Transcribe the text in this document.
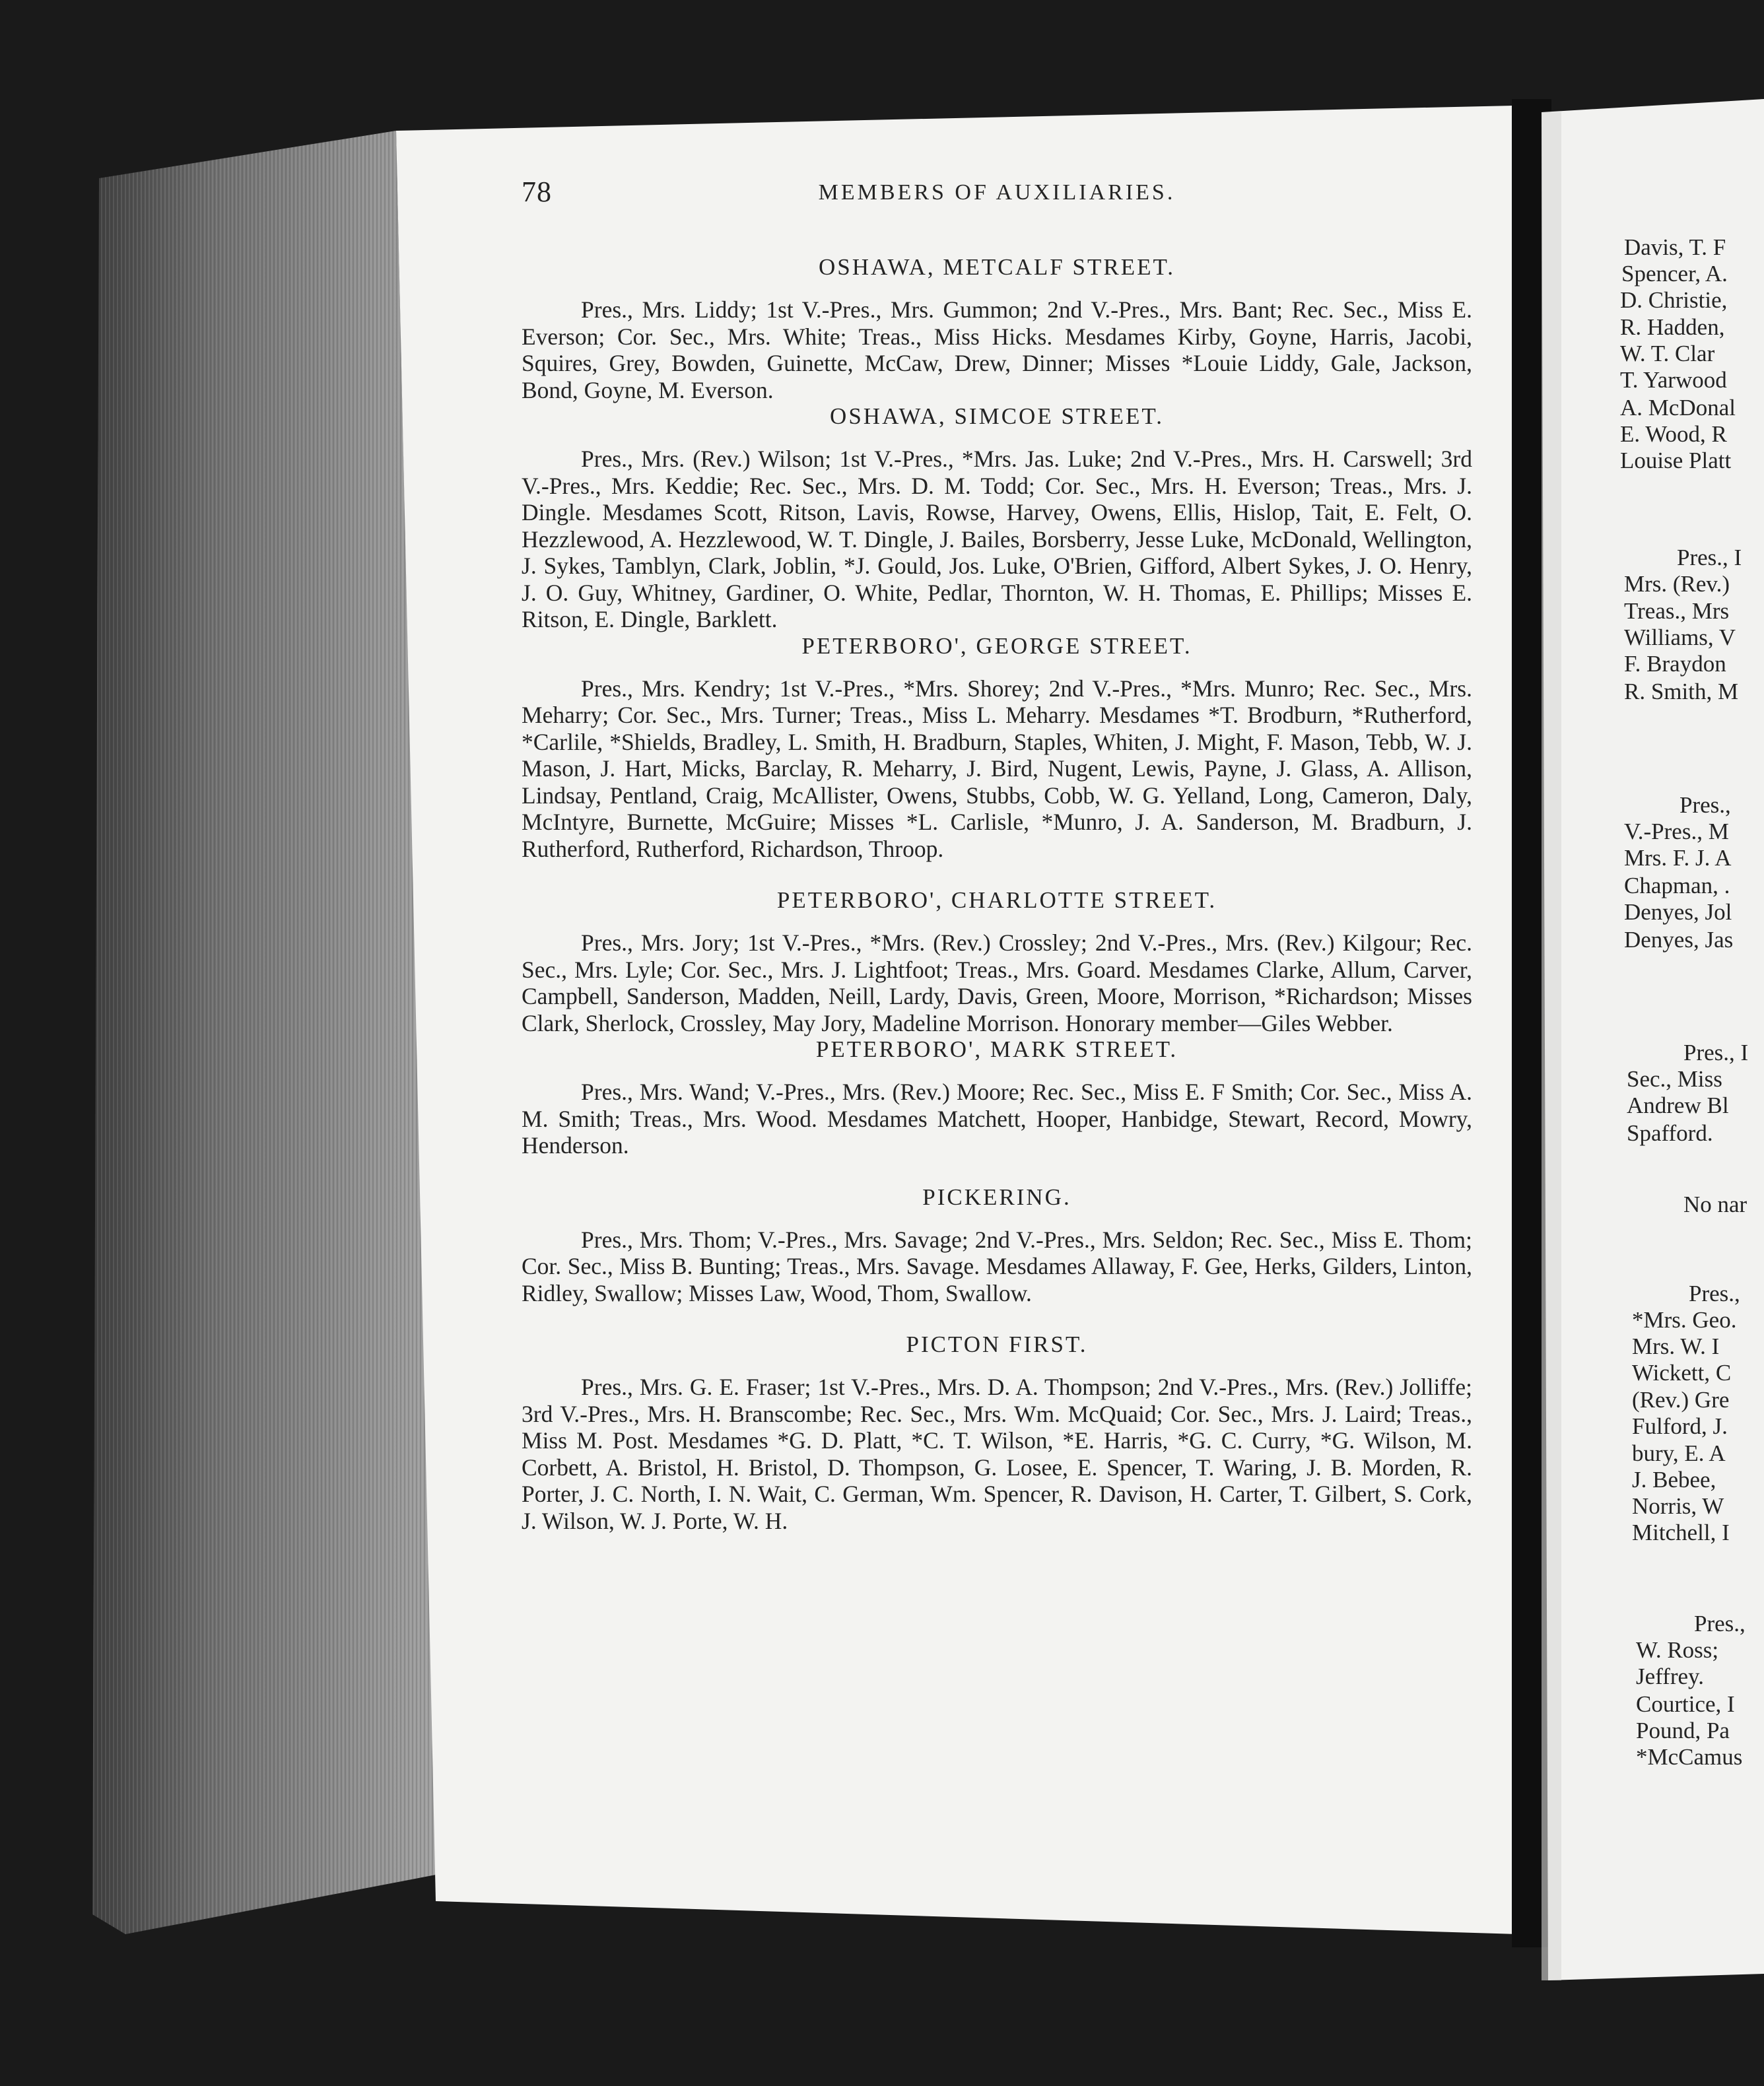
78	MEMBERS OF AUXILIARIES.
OSHAWA, METCALF STREET.

Pres., Mrs. Liddy; 1st V.-Pres., Mrs. Gummon; 2nd V.-Pres., Mrs. Bant; Rec. Sec., Miss E. Everson; Cor. Sec., Mrs. White; Treas., Miss Hicks. Mesdames Kirby, Goyne, Harris, Jacobi, Squires, Grey, Bowden, Guinette, McCaw, Drew, Dinner; Misses *Louie Liddy, Gale, Jackson, Bond, Goyne, M. Everson.

OSHAWA, SIMCOE STREET.

Pres., Mrs. (Rev.) Wilson; 1st V.-Pres., *Mrs. Jas. Luke; 2nd V.-Pres., Mrs. H. Carswell; 3rd V.-Pres., Mrs. Keddie; Rec. Sec., Mrs. D. M. Todd; Cor. Sec., Mrs. H. Everson; Treas., Mrs. J. Dingle. Mesdames Scott, Ritson, Lavis, Rowse, Harvey, Owens, Ellis, Hislop, Tait, E. Felt, O. Hezzlewood, A. Hezzlewood, W. T. Dingle, J. Bailes, Borsberry, Jesse Luke, McDonald, Wellington, J. Sykes, Tamblyn, Clark, Joblin, *J. Gould, Jos. Luke, O'Brien, Gifford, Albert Sykes, J. O. Henry, J. O. Guy, Whitney, Gardiner, O. White, Pedlar, Thornton, W. H. Thomas, E. Phillips; Misses E. Ritson, E. Dingle, Barklett.

PETERBORO', GEORGE STREET.

Pres., Mrs. Kendry; 1st V.-Pres., *Mrs. Shorey; 2nd V.-Pres., *Mrs. Munro; Rec. Sec., Mrs. Meharry; Cor. Sec., Mrs. Turner; Treas., Miss L. Meharry. Mesdames *T. Brodburn, *Rutherford, *Carlile, *Shields, Bradley, L. Smith, H. Bradburn, Staples, Whiten, J. Might, F. Mason, Tebb, W. J. Mason, J. Hart, Micks, Barclay, R. Meharry, J. Bird, Nugent, Lewis, Payne, J. Glass, A. Allison, Lindsay, Pentland, Craig, McAllister, Owens, Stubbs, Cobb, W. G. Yelland, Long, Cameron, Daly, McIntyre, Burnette, McGuire; Misses *L. Carlisle, *Munro, J. A. Sanderson, M. Bradburn, J. Rutherford, Rutherford, Richardson, Throop.

PETERBORO', CHARLOTTE STREET.

Pres., Mrs. Jory; 1st V.-Pres., *Mrs. (Rev.) Crossley; 2nd V.-Pres., Mrs. (Rev.) Kilgour; Rec. Sec., Mrs. Lyle; Cor. Sec., Mrs. J. Lightfoot; Treas., Mrs. Goard. Mesdames Clarke, Allum, Carver, Campbell, Sanderson, Madden, Neill, Lardy, Davis, Green, Moore, Morrison, *Richardson; Misses Clark, Sherlock, Crossley, May Jory, Madeline Morrison. Honorary member—Giles Webber.

PETERBORO', MARK STREET.

Pres., Mrs. Wand; V.-Pres., Mrs. (Rev.) Moore; Rec. Sec., Miss E. F Smith; Cor. Sec., Miss A. M. Smith; Treas., Mrs. Wood. Mesdames Matchett, Hooper, Hanbidge, Stewart, Record, Mowry, Henderson.

PICKERING.

Pres., Mrs. Thom; V.-Pres., Mrs. Savage; 2nd V.-Pres., Mrs. Seldon; Rec. Sec., Miss E. Thom; Cor. Sec., Miss B. Bunting; Treas., Mrs. Savage. Mesdames Allaway, F. Gee, Herks, Gilders, Linton, Ridley, Swallow; Misses Law, Wood, Thom, Swallow.

PICTON FIRST.

Pres., Mrs. G. E. Fraser; 1st V.-Pres., Mrs. D. A. Thompson; 2nd V.-Pres., Mrs. (Rev.) Jolliffe; 3rd V.-Pres., Mrs. H. Branscombe; Rec. Sec., Mrs. Wm. McQuaid; Cor. Sec., Mrs. J. Laird; Treas., Miss M. Post. Mesdames *G. D. Platt, *C. T. Wilson, *E. Harris, *G. C. Curry, *G. Wilson, M. Corbett, A. Bristol, H. Bristol, D. Thompson, G. Losee, E. Spencer, T. Waring, J. B. Morden, R. Porter, J. C. North, I. N. Wait, C. German, Wm. Spencer, R. Davison, H. Carter, T. Gilbert, S. Cork, J. Wilson, W. J. Porte, W. H.

Davis, T. F
Spencer, A.
D. Christie,
R. Hadden,
W. T. Clar
T. Yarwood
A. McDonal
E. Wood, R
Louise Platt
Pres., I
Mrs. (Rev.)
Treas., Mrs
Williams, V
F. Braydon
R. Smith, M
Pres.,
V.-Pres., M
Mrs. F. J. A
Chapman, .
Denyes, Jol
Denyes, Jas
Pres., I
Sec., Miss
Andrew Bl
Spafford.
No nar
Pres.,
*Mrs. Geo.
Mrs. W. I
Wickett, C
(Rev.) Gre
Fulford, J.
bury, E. A
J. Bebee,
Norris, W
Mitchell, I
Pres.,
W. Ross;
Jeffrey.
Courtice, I
Pound, Pa
*McCamus
